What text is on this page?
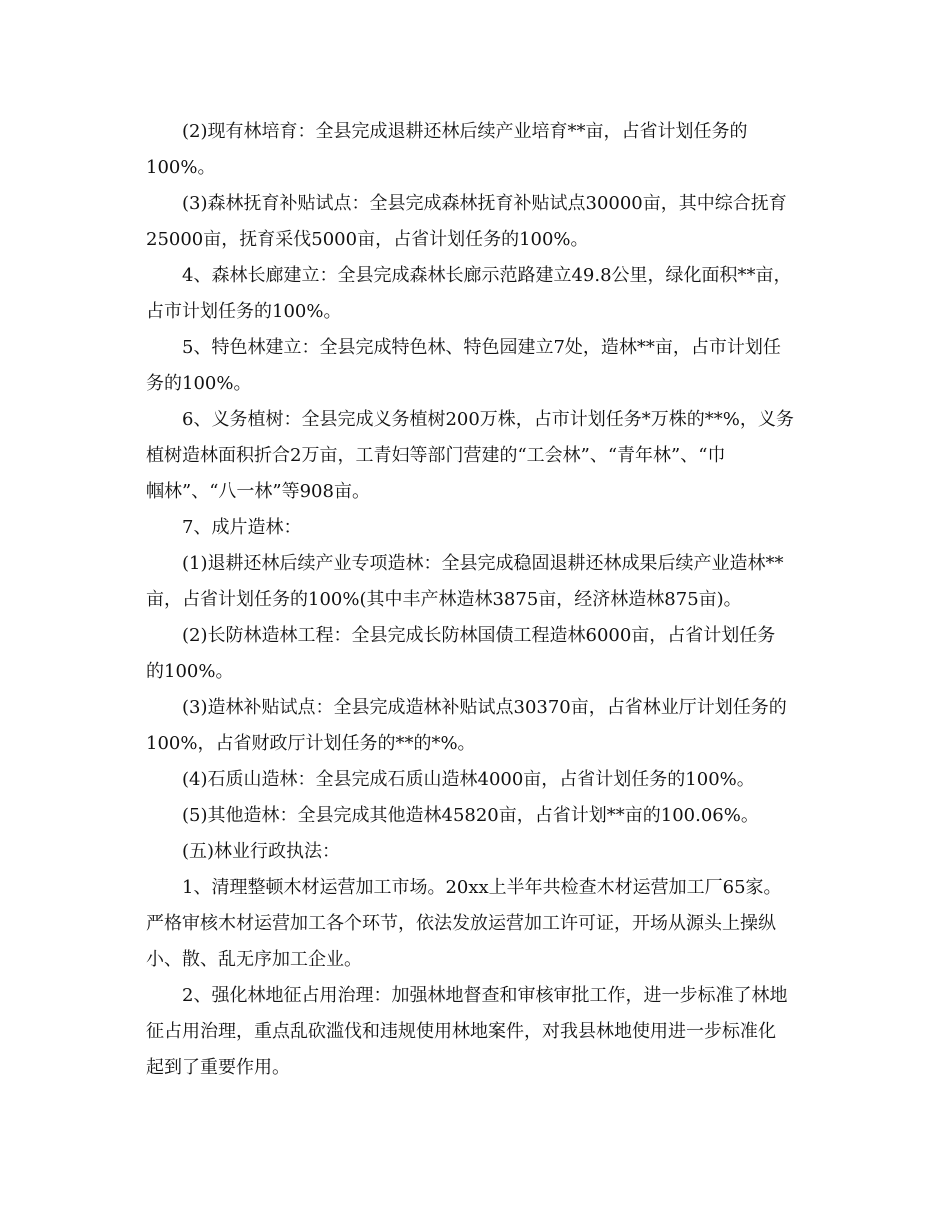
(2)现有林培育：全县完成退耕还林后续产业培育**亩，占省计划任务的
100%。
(3)森林抚育补贴试点：全县完成森林抚育补贴试点30000亩，其中综合抚育
25000亩，抚育采伐5000亩，占省计划任务的100%。
4、森林长廊建立：全县完成森林长廊示范路建立49.8公里，绿化面积**亩，
占市计划任务的100%。
5、特色林建立：全县完成特色林、特色园建立7处，造林**亩，占市计划任
务的100%。
6、义务植树：全县完成义务植树200万株，占市计划任务*万株的**%，义务
植树造林面积折合2万亩，工青妇等部门营建的“工会林”、“青年林”、“巾
帼林”、“八一林”等908亩。
7、成片造林：
(1)退耕还林后续产业专项造林：全县完成稳固退耕还林成果后续产业造林**
亩，占省计划任务的100%(其中丰产林造林3875亩，经济林造林875亩)。
(2)长防林造林工程：全县完成长防林国债工程造林6000亩，占省计划任务
的100%。
(3)造林补贴试点：全县完成造林补贴试点30370亩，占省林业厅计划任务的
100%，占省财政厅计划任务的**的*%。
(4)石质山造林：全县完成石质山造林4000亩，占省计划任务的100%。
(5)其他造林：全县完成其他造林45820亩，占省计划**亩的100.06%。
(五)林业行政执法：
1、清理整顿木材运营加工市场。20xx上半年共检查木材运营加工厂65家。
严格审核木材运营加工各个环节，依法发放运营加工许可证，开场从源头上操纵
小、散、乱无序加工企业。
2、强化林地征占用治理：加强林地督查和审核审批工作，进一步标准了林地
征占用治理，重点乱砍滥伐和违规使用林地案件，对我县林地使用进一步标准化
起到了重要作用。
